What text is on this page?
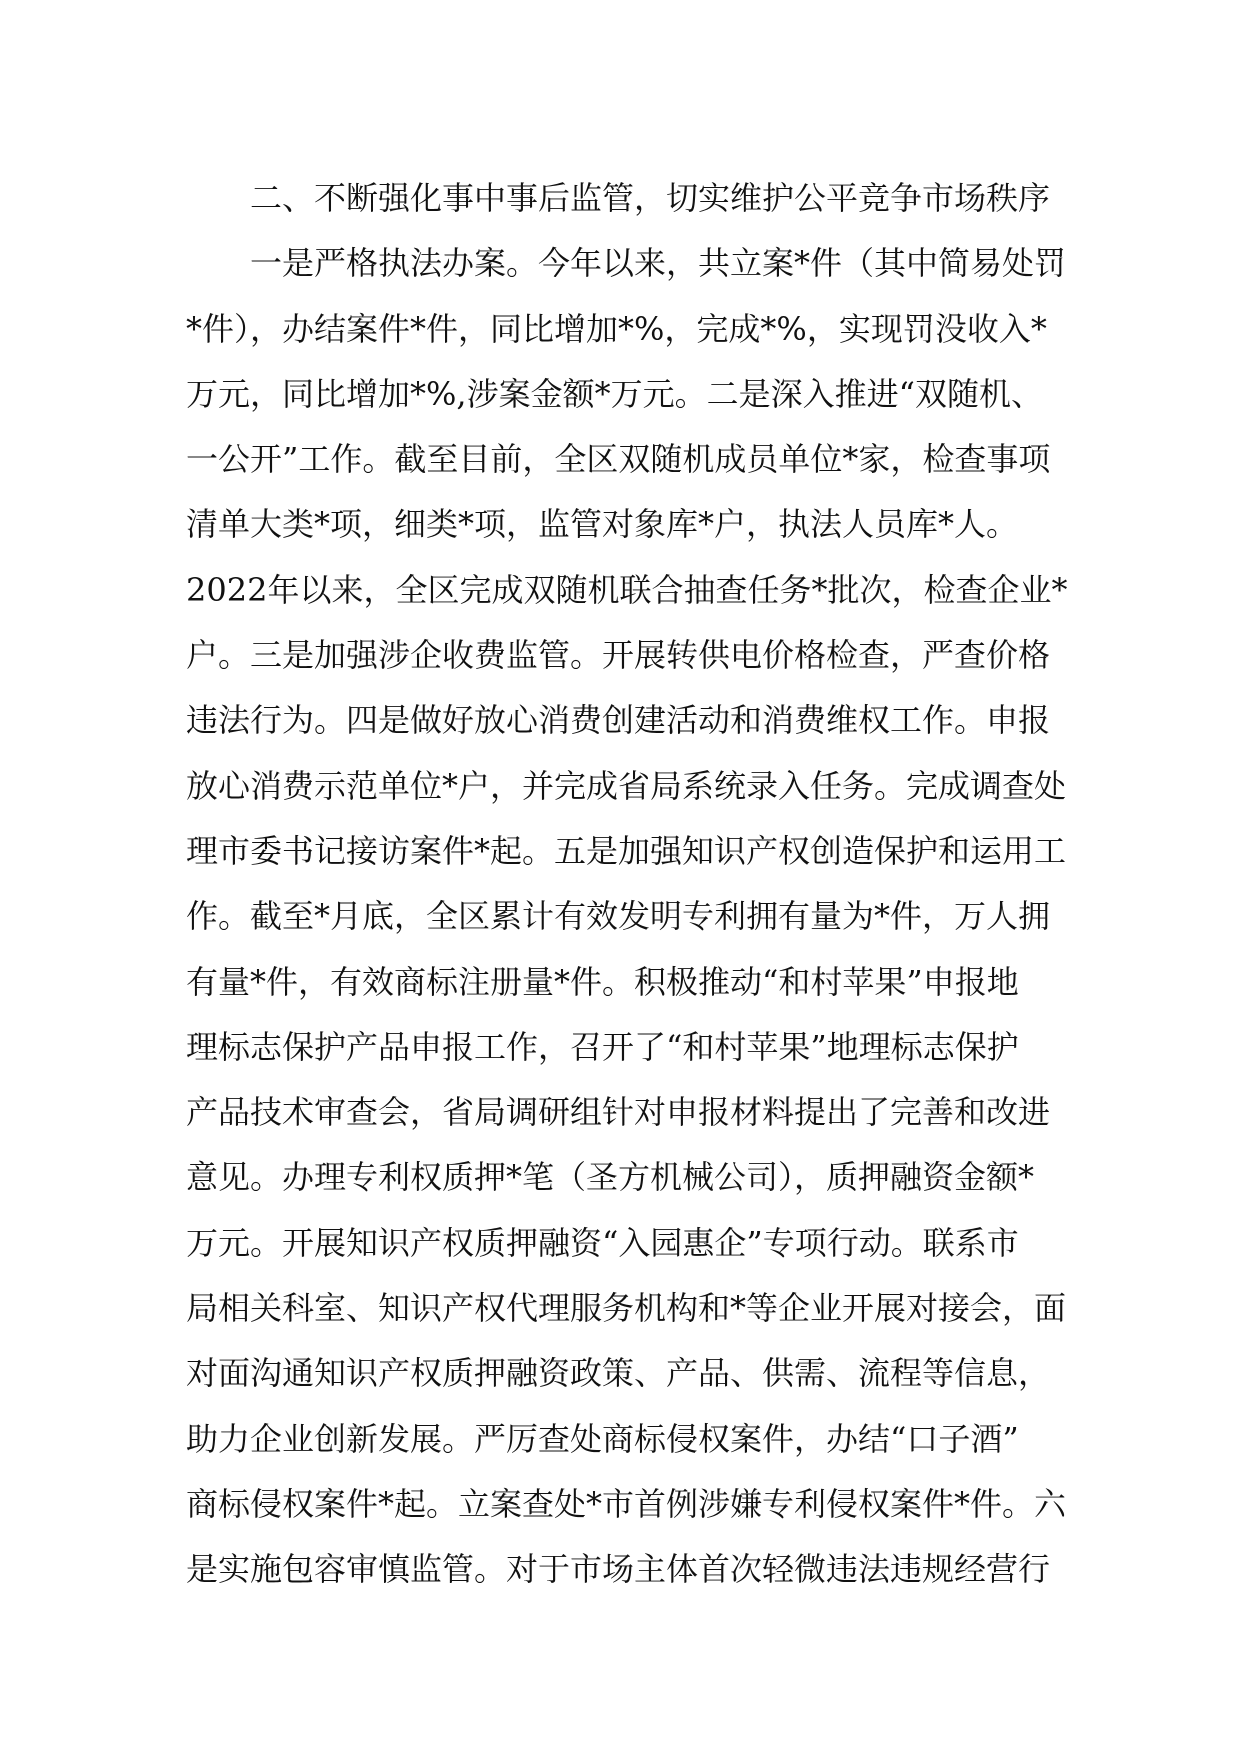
二、不断强化事中事后监管，切实维护公平竞争市场秩序
一是严格执法办案。今年以来，共立案*件（其中简易处罚
*件），办结案件*件，同比增加*%，完成*%，实现罚没收入*
万元，同比增加*%,涉案金额*万元。二是深入推进“双随机、
一公开”工作。截至目前，全区双随机成员单位*家，检查事项
清单大类*项，细类*项，监管对象库*户，执法人员库*人。
2022年以来，全区完成双随机联合抽查任务*批次，检查企业*
户。三是加强涉企收费监管。开展转供电价格检查，严查价格
违法行为。四是做好放心消费创建活动和消费维权工作。申报
放心消费示范单位*户，并完成省局系统录入任务。完成调查处
理市委书记接访案件*起。五是加强知识产权创造保护和运用工
作。截至*月底，全区累计有效发明专利拥有量为*件，万人拥
有量*件，有效商标注册量*件。积极推动“和村苹果”申报地
理标志保护产品申报工作，召开了“和村苹果”地理标志保护
产品技术审查会，省局调研组针对申报材料提出了完善和改进
意见。办理专利权质押*笔（圣方机械公司），质押融资金额*
万元。开展知识产权质押融资“入园惠企”专项行动。联系市
局相关科室、知识产权代理服务机构和*等企业开展对接会，面
对面沟通知识产权质押融资政策、产品、供需、流程等信息，
助力企业创新发展。严厉查处商标侵权案件，办结“口子酒”
商标侵权案件*起。立案查处*市首例涉嫌专利侵权案件*件。六
是实施包容审慎监管。对于市场主体首次轻微违法违规经营行
